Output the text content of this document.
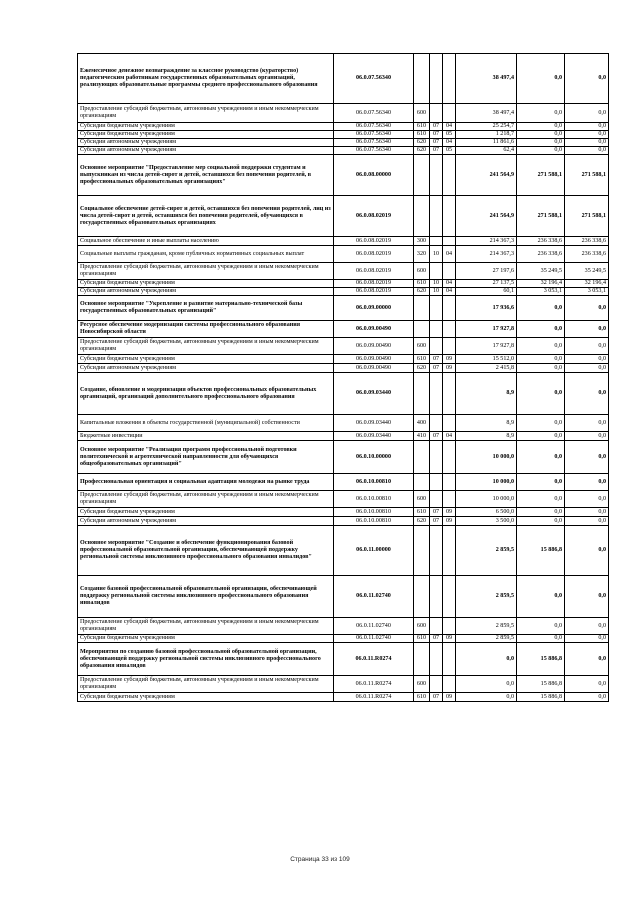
Ежемесячное денежное вознаграждение за классное руководство (кураторство) педагогическим работникам государственных образовательных организаций, реализующих образовательные программы среднего профессионального образования	06.0.07.56340				38 497,4	0,0	0,0
Предоставление субсидий бюджетным, автономным учреждениям и иным некоммерческим организациям	06.0.07.56340	600			38 497,4	0,0	0,0
Субсидии бюджетным учреждениям	06.0.07.56340	610	07	04	25 254,7	0,0	0,0
Субсидии бюджетным учреждениям	06.0.07.56340	610	07	05	1 218,7	0,0	0,0
Субсидии автономным учреждениям	06.0.07.56340	620	07	04	11 861,6	0,0	0,0
Субсидии автономным учреждениям	06.0.07.56340	620	07	05	62,4	0,0	0,0
Основное мероприятие "Предоставление мер социальной поддержки студентам и выпускникам из числа детей-сирот и детей, оставшихся без попечения родителей, в профессиональных образовательных организациях"	06.0.08.00000				241 564,9	271 588,1	271 588,1
Социальное обеспечение детей-сирот и детей, оставшихся без попечения родителей, лиц из числа детей-сирот и детей, оставшихся без попечения родителей, обучающихся в государственных образовательных организациях	06.0.08.02019				241 564,9	271 588,1	271 588,1
Социальное обеспечение и иные выплаты населению	06.0.08.02019	300			214 367,3	236 338,6	236 338,6
Социальные выплаты гражданам, кроме публичных нормативных социальных выплат	06.0.08.02019	320	10	04	214 367,3	236 338,6	236 338,6
Предоставление субсидий бюджетным, автономным учреждениям и иным некоммерческим организациям	06.0.08.02019	600			27 197,6	35 249,5	35 249,5
Субсидии бюджетным учреждениям	06.0.08.02019	610	10	04	27 137,5	32 196,4	32 196,4
Субсидии автономным учреждениям	06.0.08.02019	620	10	04	60,1	3 053,1	3 053,1
Основное мероприятие "Укрепление и развитие материально-технической базы государственных образовательных организаций"	06.0.09.00000				17 936,6	0,0	0,0
Ресурсное обеспечение модернизации системы профессионального образования Новосибирской области	06.0.09.00490				17 927,8	0,0	0,0
Предоставление субсидий бюджетным, автономным учреждениям и иным некоммерческим организациям	06.0.09.00490	600			17 927,8	0,0	0,0
Субсидии бюджетным учреждениям	06.0.09.00490	610	07	09	15 512,0	0,0	0,0
Субсидии автономным учреждениям	06.0.09.00490	620	07	09	2 415,8	0,0	0,0
Создание, обновление и модернизация объектов профессиональных образовательных организаций, организаций дополнительного профессионального образования	06.0.09.03440				8,9	0,0	0,0
Капитальные вложения в объекты государственной (муниципальной) собственности	06.0.09.03440	400			8,9	0,0	0,0
Бюджетные инвестиции	06.0.09.03440	410	07	04	8,9	0,0	0,0
Основное мероприятие "Реализация программ профессиональной подготовки политехнической и агротехнической направленности для обучающихся общеобразовательных организаций"	06.0.10.00000				10 000,0	0,0	0,0
Профессиональная ориентация и социальная адаптация молодежи на рынке труда	06.0.10.00810				10 000,0	0,0	0,0
Предоставление субсидий бюджетным, автономным учреждениям и иным некоммерческим организациям	06.0.10.00810	600			10 000,0	0,0	0,0
Субсидии бюджетным учреждениям	06.0.10.00810	610	07	09	6 500,0	0,0	0,0
Субсидии автономным учреждениям	06.0.10.00810	620	07	09	3 500,0	0,0	0,0
Основное мероприятие "Создание и обеспечение функционирования базовой профессиональной образовательной организации, обеспечивающей поддержку региональной системы инклюзивного профессионального образования инвалидов"	06.0.11.00000				2 859,5	15 886,8	0,0
Создание базовой профессиональной образовательной организации, обеспечивающей поддержку региональной системы инклюзивного профессионального образования инвалидов	06.0.11.02740				2 859,5	0,0	0,0
Предоставление субсидий бюджетным, автономным учреждениям и иным некоммерческим организациям	06.0.11.02740	600			2 859,5	0,0	0,0
Субсидии бюджетным учреждениям	06.0.11.02740	610	07	09	2 859,5	0,0	0,0
Мероприятия по созданию базовой профессиональной образовательной организации, обеспечивающей поддержку региональной системы инклюзивного профессионального образования инвалидов	06.0.11.R0274				0,0	15 886,8	0,0
Предоставление субсидий бюджетным, автономным учреждениям и иным некоммерческим организациям	06.0.11.R0274	600			0,0	15 886,8	0,0
Субсидии бюджетным учреждениям	06.0.11.R0274	610	07	09	0,0	15 886,8	0,0
Страница 33 из 109
